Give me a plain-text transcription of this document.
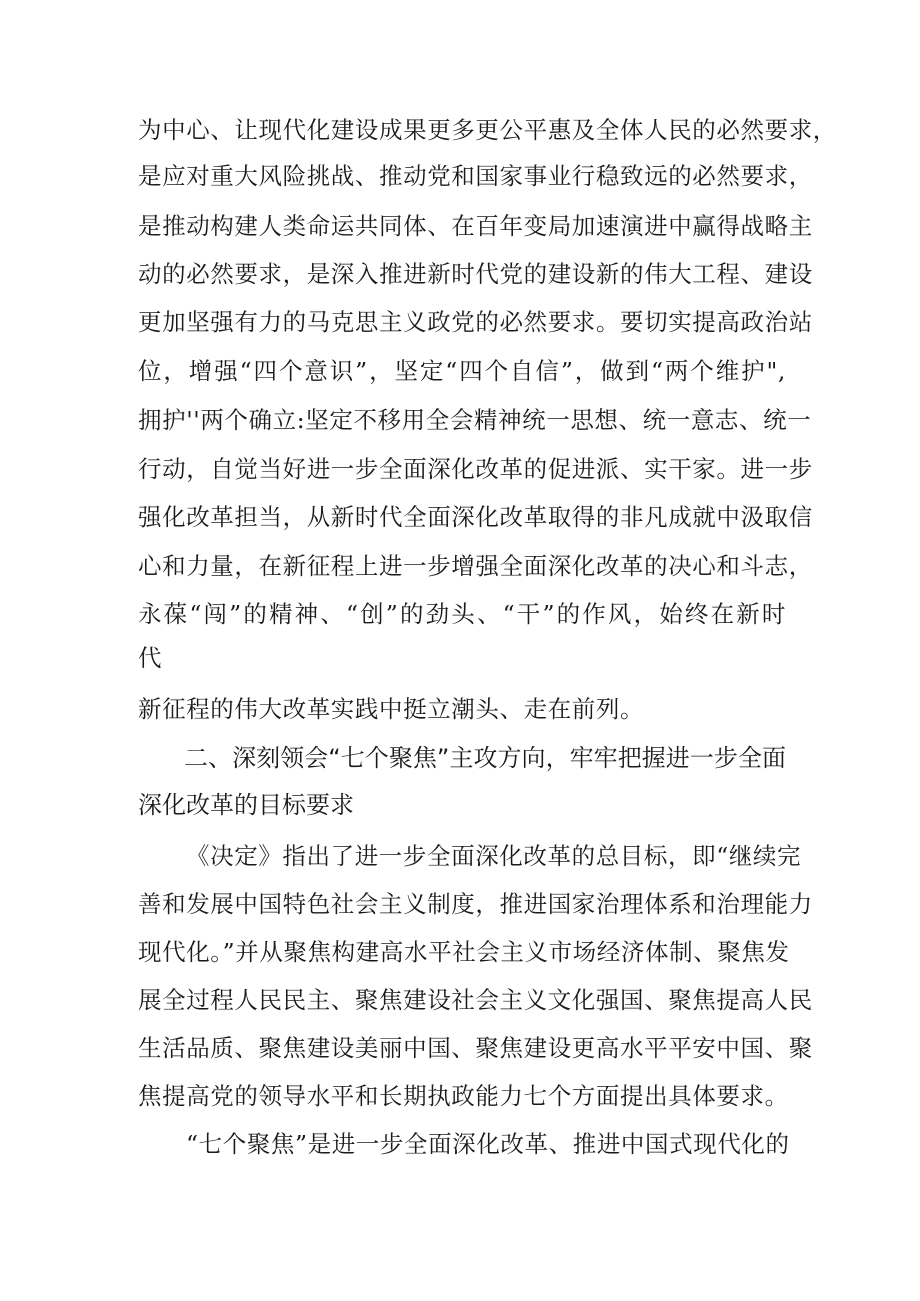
为中心、让现代化建设成果更多更公平惠及全体人民的必然要求，
是应对重大风险挑战、推动党和国家事业行稳致远的必然要求，
是推动构建人类命运共同体、在百年变局加速演进中赢得战略主
动的必然要求，是深入推进新时代党的建设新的伟大工程、建设
更加坚强有力的马克思主义政党的必然要求。要切实提高政治站
位，增强“四个意识”，坚定“四个自信”，做到“两个维护",
拥护''两个确立:坚定不移用全会精神统一思想、统一意志、统一
行动，自觉当好进一步全面深化改革的促进派、实干家。进一步
强化改革担当，从新时代全面深化改革取得的非凡成就中汲取信
心和力量，在新征程上进一步增强全面深化改革的决心和斗志，
永葆“闯”的精神、“创”的劲头、“干”的作风，始终在新时
代
新征程的伟大改革实践中挺立潮头、走在前列。
二、深刻领会“七个聚焦”主攻方向，牢牢把握进一步全面
深化改革的目标要求
《决定》指出了进一步全面深化改革的总目标，即“继续完
善和发展中国特色社会主义制度，推进国家治理体系和治理能力
现代化。”并从聚焦构建高水平社会主义市场经济体制、聚焦发
展全过程人民民主、聚焦建设社会主义文化强国、聚焦提高人民
生活品质、聚焦建设美丽中国、聚焦建设更高水平平安中国、聚
焦提高党的领导水平和长期执政能力七个方面提出具体要求。
“七个聚焦”是进一步全面深化改革、推进中国式现代化的
